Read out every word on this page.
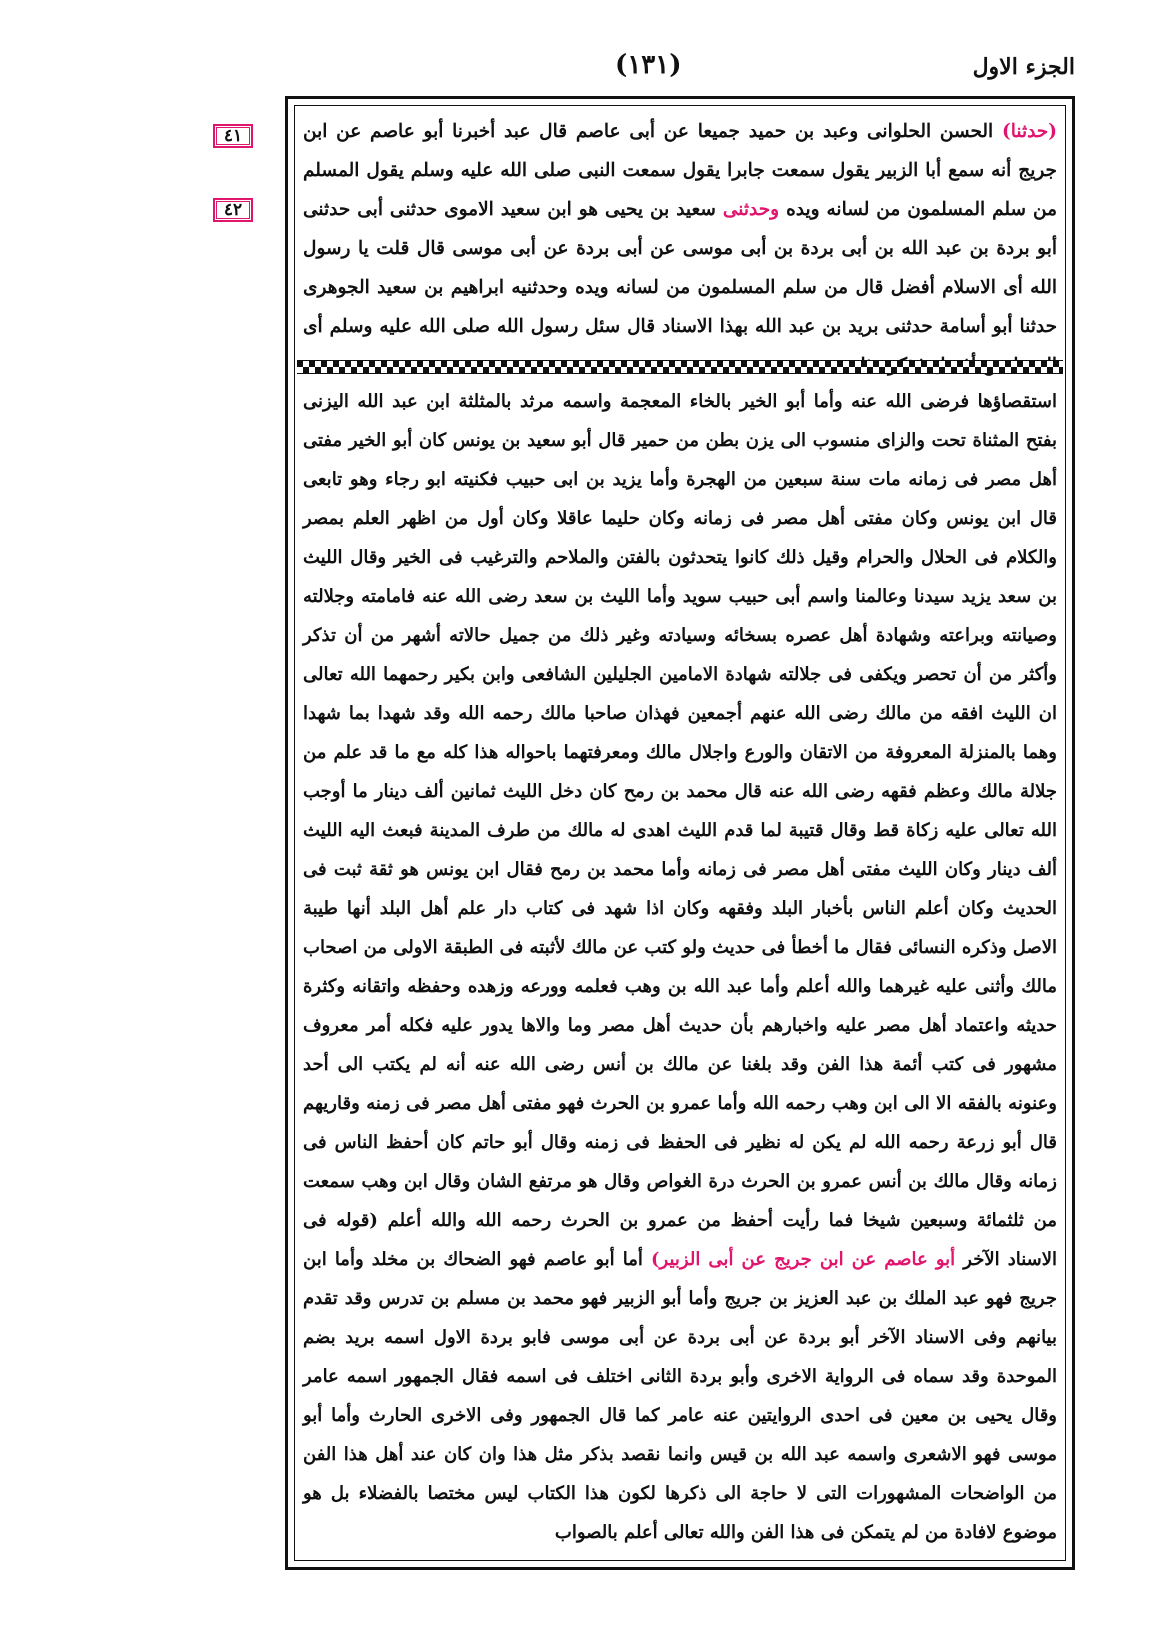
(١٣١)	الجزء الاول
٤١
٤٢
(حدثنا) الحسن الحلوانى وعبد بن حميد جميعا عن أبى عاصم قال عبد أخبرنا أبو عاصم عن ابن جريج أنه سمع أبا الزبير يقول سمعت جابرا يقول سمعت النبى صلى الله عليه وسلم يقول المسلم من سلم المسلمون من لسانه ويده وحدثنى سعيد بن يحيى هو ابن سعيد الاموى حدثنى أبى حدثنى أبو بردة بن عبد الله بن أبى بردة بن أبى موسى عن أبى بردة عن أبى موسى قال قلت يا رسول الله أى الاسلام أفضل قال من سلم المسلمون من لسانه ويده وحدثنيه ابراهيم بن سعيد الجوهرى حدثنا أبو أسامة حدثنى بريد بن عبد الله بهذا الاسناد قال سئل رسول الله صلى الله عليه وسلم أى
استقصاؤها فرضى الله عنه وأما أبو الخير بالخاء المعجمة واسمه مرثد بالمثلثة ابن عبد الله اليزنى بفتح المثناة تحت والزاى منسوب الى يزن بطن من حمير قال أبو سعيد بن يونس كان أبو الخير مفتى أهل مصر فى زمانه مات سنة سبعين من الهجرة وأما يزيد بن ابى حبيب فكنيته ابو رجاء وهو تابعى قال ابن يونس وكان مفتى أهل مصر فى زمانه وكان حليما عاقلا وكان أول من اظهر العلم بمصر والكلام فى الحلال والحرام وقيل ذلك كانوا يتحدثون بالفتن والملاحم والترغيب فى الخير وقال الليث بن سعد يزيد سيدنا وعالمنا واسم أبى حبيب سويد وأما الليث بن سعد رضى الله عنه فامامته وجلالته وصيانته وبراعته وشهادة أهل عصره بسخائه وسيادته وغير ذلك من جميل حالاته أشهر من أن تذكر وأكثر من أن تحصر ويكفى فى جلالته شهادة الامامين الجليلين الشافعى وابن بكير رحمهما الله تعالى ان الليث افقه من مالك رضى الله عنهم أجمعين فهذان صاحبا مالك رحمه الله وقد شهدا بما شهدا وهما بالمنزلة المعروفة من الاتقان والورع واجلال مالك ومعرفتهما باحواله هذا كله مع ما قد علم من جلالة مالك وعظم فقهه رضى الله عنه قال محمد بن رمح كان دخل الليث ثمانين ألف دينار ما أوجب الله تعالى عليه زكاة قط وقال قتيبة لما قدم الليث اهدى له مالك من طرف المدينة فبعث اليه الليث ألف دينار وكان الليث مفتى أهل مصر فى زمانه وأما محمد بن رمح فقال ابن يونس هو ثقة ثبت فى الحديث وكان أعلم الناس بأخبار البلد وفقهه وكان اذا شهد فى كتاب دار علم أهل البلد أنها طيبة الاصل وذكره النسائى فقال ما أخطأ فى حديث ولو كتب عن مالك لأثبته فى الطبقة الاولى من اصحاب مالك وأثنى عليه غيرهما والله أعلم وأما عبد الله بن وهب فعلمه وورعه وزهده وحفظه واتقانه وكثرة حديثه واعتماد أهل مصر عليه واخبارهم بأن حديث أهل مصر وما والاها يدور عليه فكله أمر معروف مشهور فى كتب أئمة هذا الفن وقد بلغنا عن مالك بن أنس رضى الله عنه أنه لم يكتب الى أحد وعنونه بالفقه الا الى ابن وهب رحمه الله وأما عمرو بن الحرث فهو مفتى أهل مصر فى زمنه وقاريهم قال أبو زرعة رحمه الله لم يكن له نظير فى الحفظ فى زمنه وقال أبو حاتم كان أحفظ الناس فى زمانه وقال مالك بن أنس عمرو بن الحرث درة الغواص وقال هو مرتفع الشان وقال ابن وهب سمعت من ثلثمائة وسبعين شيخا فما رأيت أحفظ من عمرو بن الحرث رحمه الله والله أعلم (قوله فى الاسناد الآخر أبو عاصم عن ابن جريج عن أبى الزبير) أما أبو عاصم فهو الضحاك بن مخلد وأما ابن جريج فهو عبد الملك بن عبد العزيز بن جريج وأما أبو الزبير فهو محمد بن مسلم بن تدرس وقد تقدم بيانهم وفى الاسناد الآخر أبو بردة عن أبى بردة عن أبى موسى فابو بردة الاول اسمه بريد بضم الموحدة وقد سماه فى الرواية الاخرى وأبو بردة الثانى اختلف فى اسمه فقال الجمهور اسمه عامر وقال يحيى بن معين فى احدى الروايتين عنه عامر كما قال الجمهور وفى الاخرى الحارث وأما أبو موسى فهو الاشعرى واسمه عبد الله بن قيس وانما نقصد بذكر مثل هذا وان كان عند أهل هذا الفن من الواضحات المشهورات التى لا حاجة الى ذكرها لكون هذا الكتاب ليس مختصا بالفضلاء بل هو موضوع لافادة من لم يتمكن فى هذا الفن والله تعالى أعلم بالصواب
